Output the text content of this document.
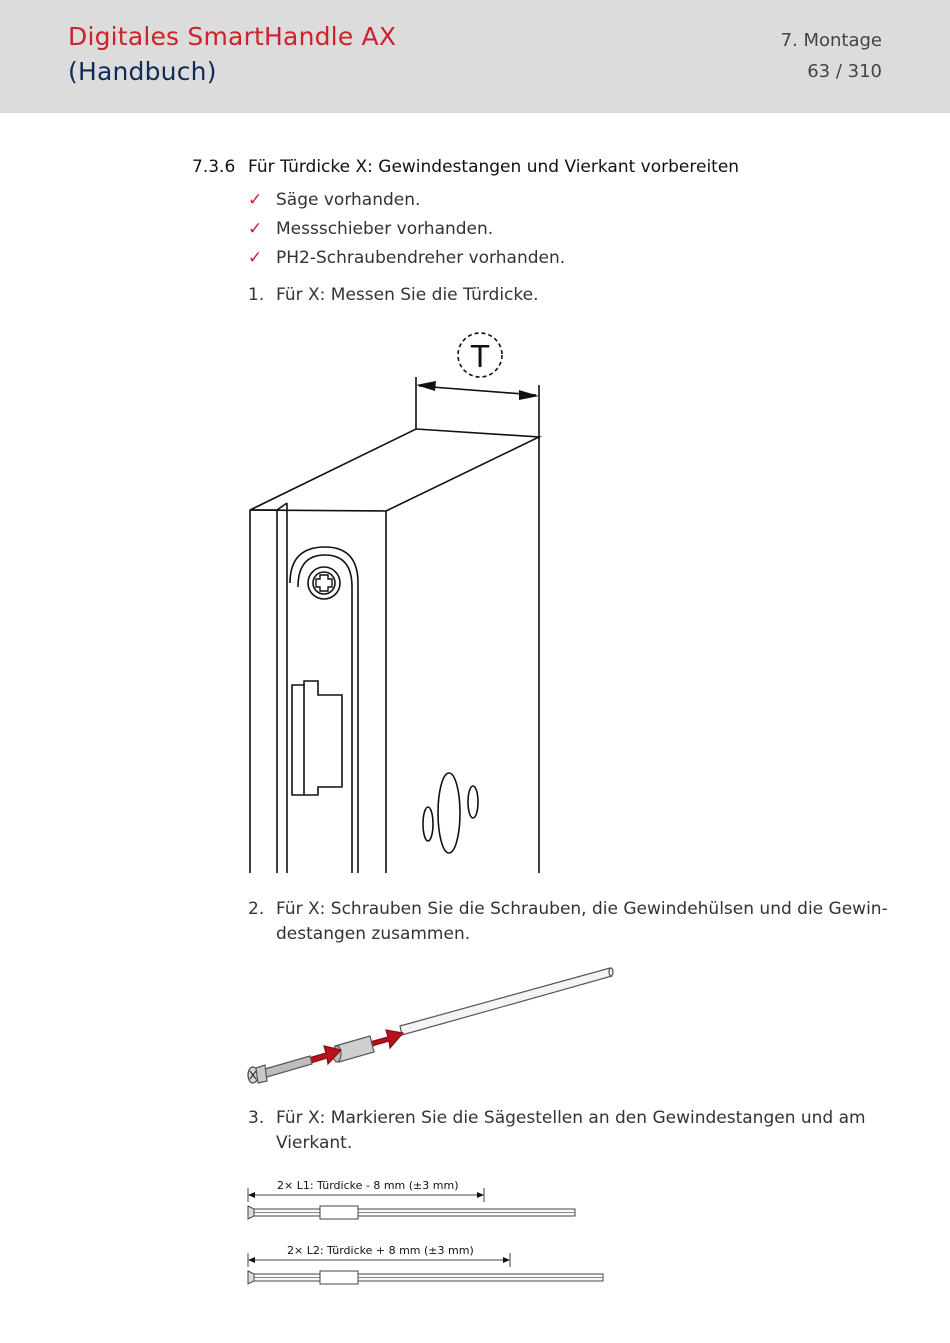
Digitales SmartHandle AX
(Handbuch)
7. Montage
63 / 310
7.3.6 Für Türdicke X: Gewindestangen und Vierkant vorbereiten
✓ Säge vorhanden.
✓ Messschieber vorhanden.
✓ PH2-Schraubendreher vorhanden.
1. Für X: Messen Sie die Türdicke.
T
2. Für X: Schrauben Sie die Schrauben, die Gewindehülsen und die Gewin-destangen zusammen.
3. Für X: Markieren Sie die Sägestellen an den Gewindestangen und am Vierkant.
2× L1: Türdicke - 8 mm (±3 mm)
2× L2: Türdicke + 8 mm (±3 mm)
